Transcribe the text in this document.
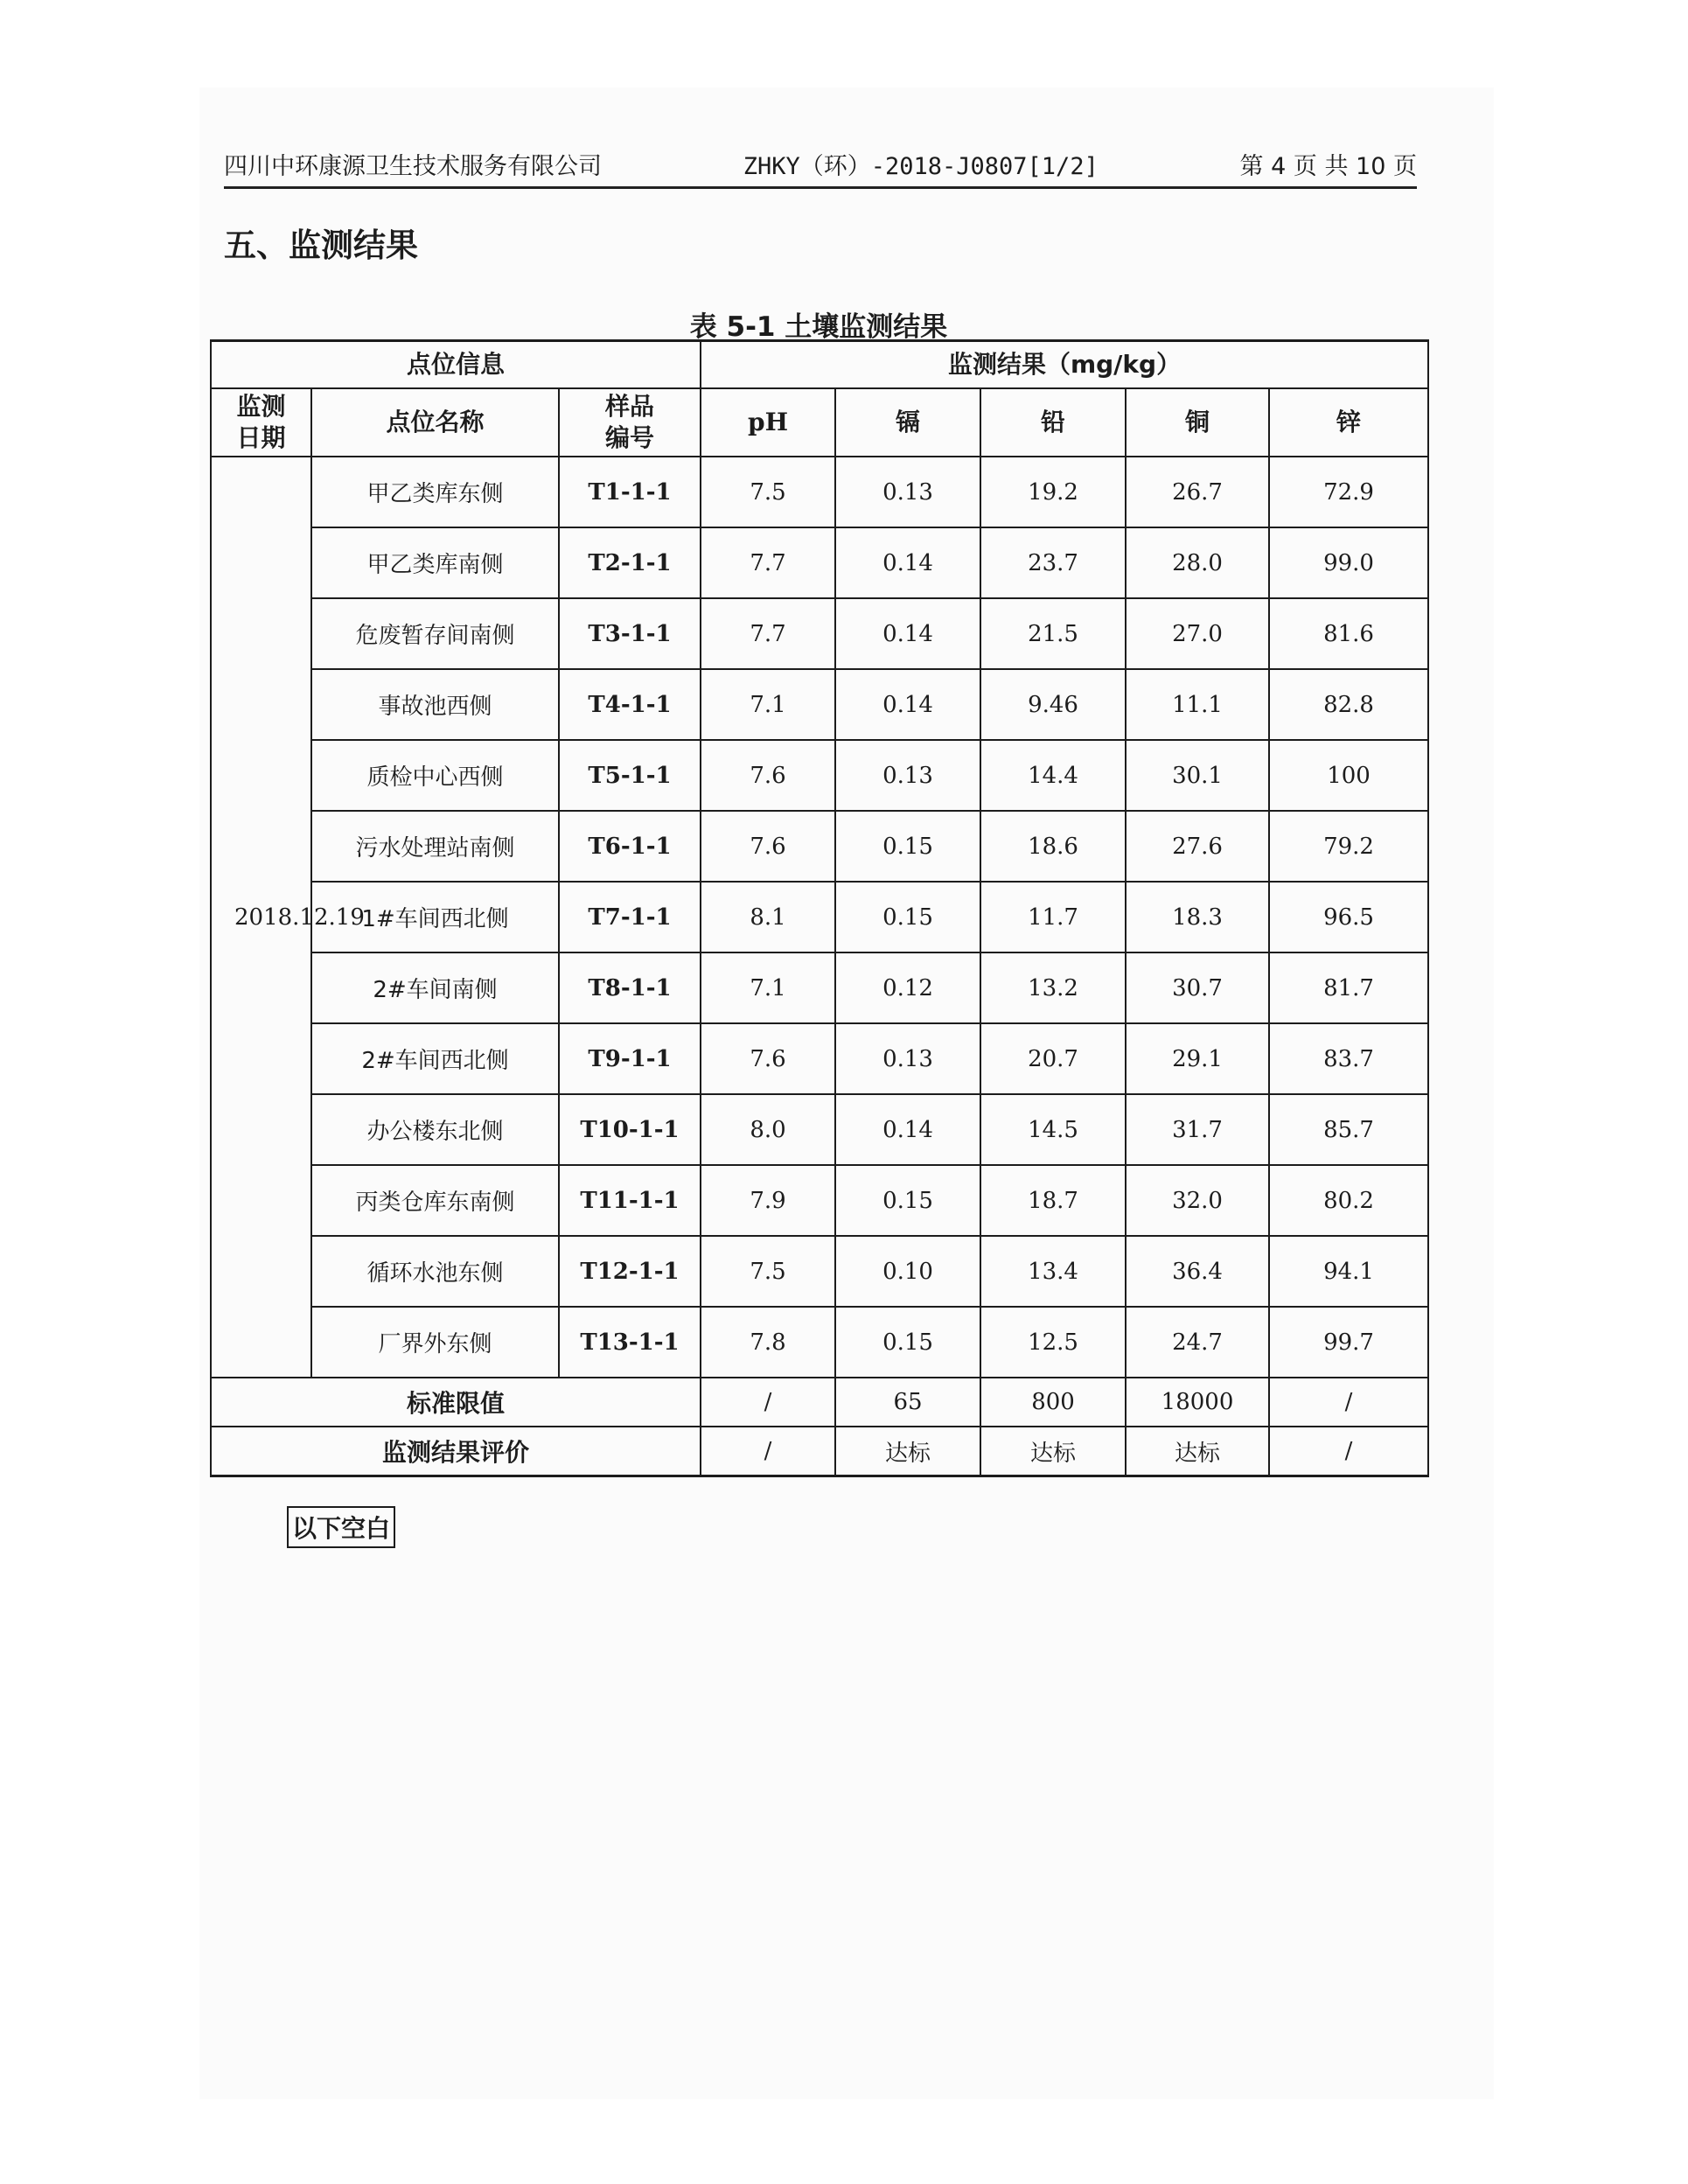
四川中环康源卫生技术服务有限公司	ZHKY（环）-2018-J0807[1/2]	第 4 页 共 10 页
五、监测结果
表 5-1 土壤监测结果
点位信息			监测结果（mg/kg）				
监测日期	点位名称	样品编号	pH	镉	铅	铜	锌
2018.12.19	甲乙类库东侧	T1-1-1	7.5	0.13	19.2	26.7	72.9
	甲乙类库南侧	T2-1-1	7.7	0.14	23.7	28.0	99.0
	危废暂存间南侧	T3-1-1	7.7	0.14	21.5	27.0	81.6
	事故池西侧	T4-1-1	7.1	0.14	9.46	11.1	82.8
	质检中心西侧	T5-1-1	7.6	0.13	14.4	30.1	100
	污水处理站南侧	T6-1-1	7.6	0.15	18.6	27.6	79.2
	1#车间西北侧	T7-1-1	8.1	0.15	11.7	18.3	96.5
	2#车间南侧	T8-1-1	7.1	0.12	13.2	30.7	81.7
	2#车间西北侧	T9-1-1	7.6	0.13	20.7	29.1	83.7
	办公楼东北侧	T10-1-1	8.0	0.14	14.5	31.7	85.7
	丙类仓库东南侧	T11-1-1	7.9	0.15	18.7	32.0	80.2
	循环水池东侧	T12-1-1	7.5	0.10	13.4	36.4	94.1
	厂界外东侧	T13-1-1	7.8	0.15	12.5	24.7	99.7
标准限值			/	65	800	18000	/
监测结果评价			/	达标	达标	达标	/
以下空白
